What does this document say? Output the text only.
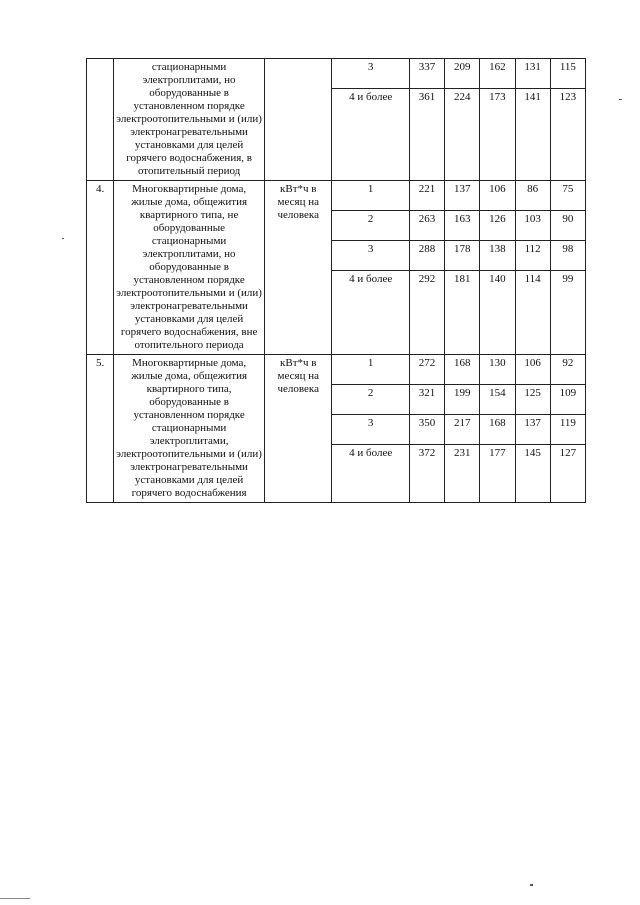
	стационарными электроплитами, но оборудованные в установленном порядке электроотопительными и (или) электронагревательными установками для целей горячего водоснабжения, в отопительный период		3	337	209	162	131	115
			4 и более	361	224	173	141	123
4.	Многоквартирные дома, жилые дома, общежития квартирного типа, не оборудованные стационарными электроплитами, но оборудованные в установленном порядке электроотопительными и (или) электронагревательными установками для целей горячего водоснабжения, вне отопительного периода	кВт*ч в месяц на человека	1	221	137	106	86	75
			2	263	163	126	103	90
			3	288	178	138	112	98
			4 и более	292	181	140	114	99
5.	Многоквартирные дома, жилые дома, общежития квартирного типа, оборудованные в установленном порядке стационарными электроплитами, электроотопительными и (или) электронагревательными установками для целей горячего водоснабжения	кВт*ч в месяц на человека	1	272	168	130	106	92
			2	321	199	154	125	109
			3	350	217	168	137	119
			4 и более	372	231	177	145	127
